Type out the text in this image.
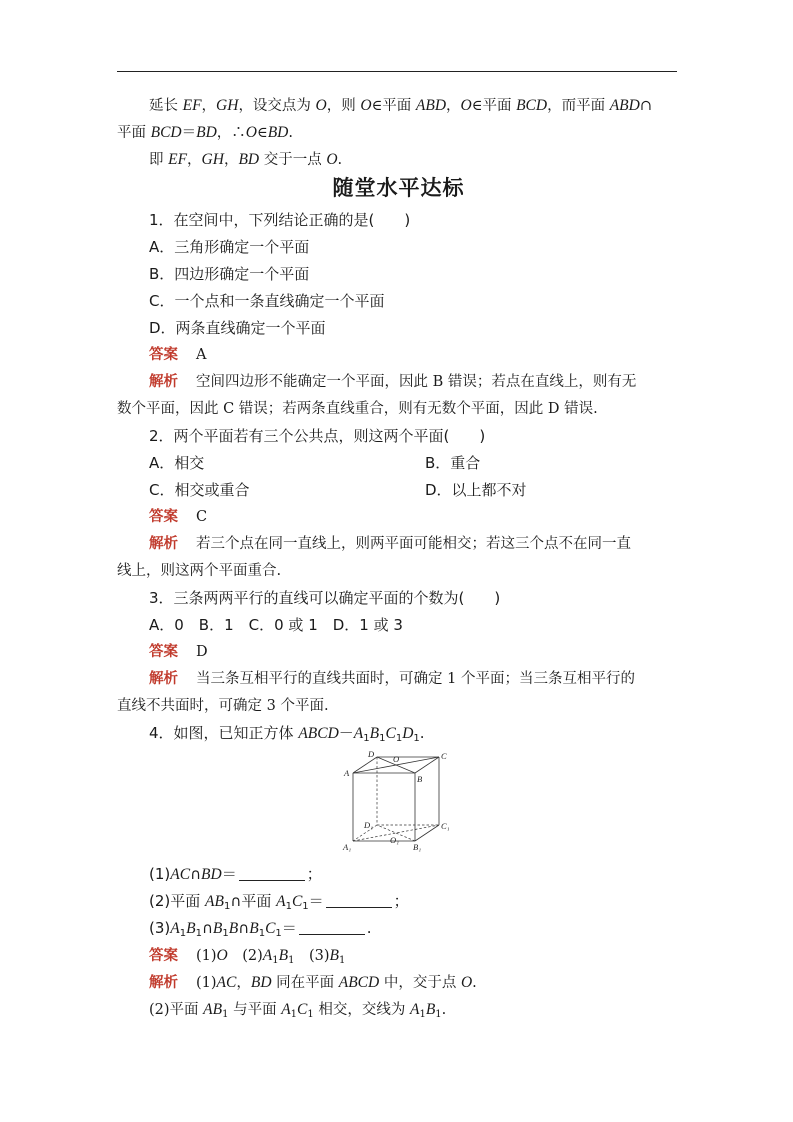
延长 EF，GH，设交点为 O，则 O∈平面 ABD，O∈平面 BCD，而平面 ABD∩
平面 BCD＝BD，∴O∈BD.
即 EF，GH，BD 交于一点 O.
随堂水平达标
1．在空间中，下列结论正确的是(　　)
A．三角形确定一个平面
B．四边形确定一个平面
C．一个点和一条直线确定一个平面
D．两条直线确定一个平面
答案 A
解析 空间四边形不能确定一个平面，因此 B 错误；若点在直线上，则有无
数个平面，因此 C 错误；若两条直线重合，则有无数个平面，因此 D 错误.
2．两个平面若有三个公共点，则这两个平面(　　)
A．相交	B．重合
C．相交或重合	D．以上都不对
答案 C
解析 若三个点在同一直线上，则两平面可能相交；若这三个点不在同一直
线上，则这两个平面重合.
3．三条两两平行的直线可以确定平面的个数为(　　)
A．0　B．1　C．0 或 1　D．1 或 3
答案 D
解析 当三条互相平行的直线共面时，可确定 1 个平面；当三条互相平行的
直线不共面时，可确定 3 个平面.
4．如图，已知正方体 $ABCD-A_1B_1C_1D_1$.
A
B
C
D O
D₁	C₁
O₁
A₁	B₁
(1)AC∩BD＝	；
(2)平面 $AB_1\cap$平面 $A_1C_1=$	；
$(3)A_1B_1\cap B_1B\cap B_1C_1=$	.
答案 (1)O　$(2)A_1B_1$　$(3)B_1$
解析 (1)AC，BD 同在平面 ABCD 中，交于点 O.
(2)平面 $AB_1$ 与平面 $A_1C_1$ 相交，交线为 $A_1B_1$.
